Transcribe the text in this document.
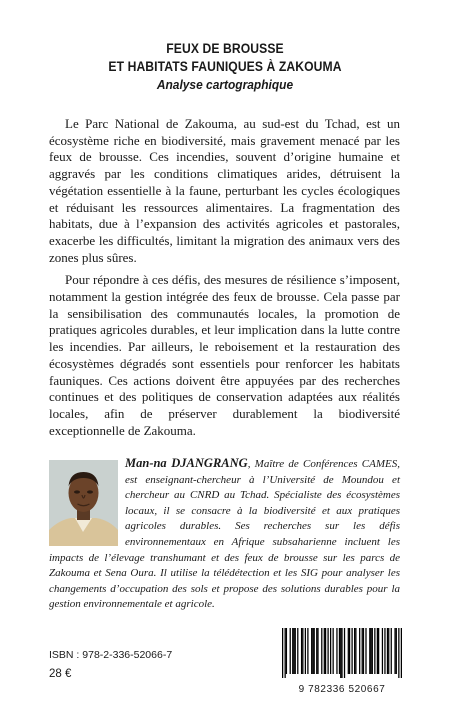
FEUX DE BROUSSE
ET HABITATS FAUNIQUES À ZAKOUMA
Analyse cartographique

Le Parc National de Zakouma, au sud-est du Tchad, est un écosystème riche en biodiversité, mais gravement menacé par les feux de brousse. Ces incendies, souvent d’origine humaine et aggravés par les conditions climatiques arides, détruisent la végétation essentielle à la faune, perturbant les cycles écologiques et réduisant les ressources alimentaires. La fragmentation des habitats, due à l’expansion des activités agricoles et pastorales, exacerbe les difficultés, limitant la migration des animaux vers des zones plus sûres.

Pour répondre à ces défis, des mesures de résilience s’imposent, notamment la gestion intégrée des feux de brousse. Cela passe par la sensibilisation des communautés locales, la promotion de pratiques agricoles durables, et leur implication dans la lutte contre les incendies. Par ailleurs, le reboisement et la restauration des écosystèmes dégradés sont essentiels pour renforcer les habitats fauniques. Ces actions doivent être appuyées par des recherches continues et des politiques de conservation adaptées aux réalités locales, afin de préserver durablement la biodiversité exceptionnelle de Zakouma.

Man-na DJANGRANG, Maître de Conférences CAMES, est enseignant-chercheur à l’Université de Moundou et chercheur au CNRD au Tchad. Spécialiste des écosystèmes locaux, il se consacre à la biodiversité et aux pratiques agricoles durables. Ses recherches sur les défis environnementaux en Afrique subsaharienne incluent les impacts de l’élevage transhumant et des feux de brousse sur les parcs de Zakouma et Sena Oura. Il utilise la télédétection et les SIG pour analyser les changements d’occupation des sols et propose des solutions durables pour la gestion environnementale et agricole.

ISBN : 978-2-336-52066-7
28 €
9 782336 520667
